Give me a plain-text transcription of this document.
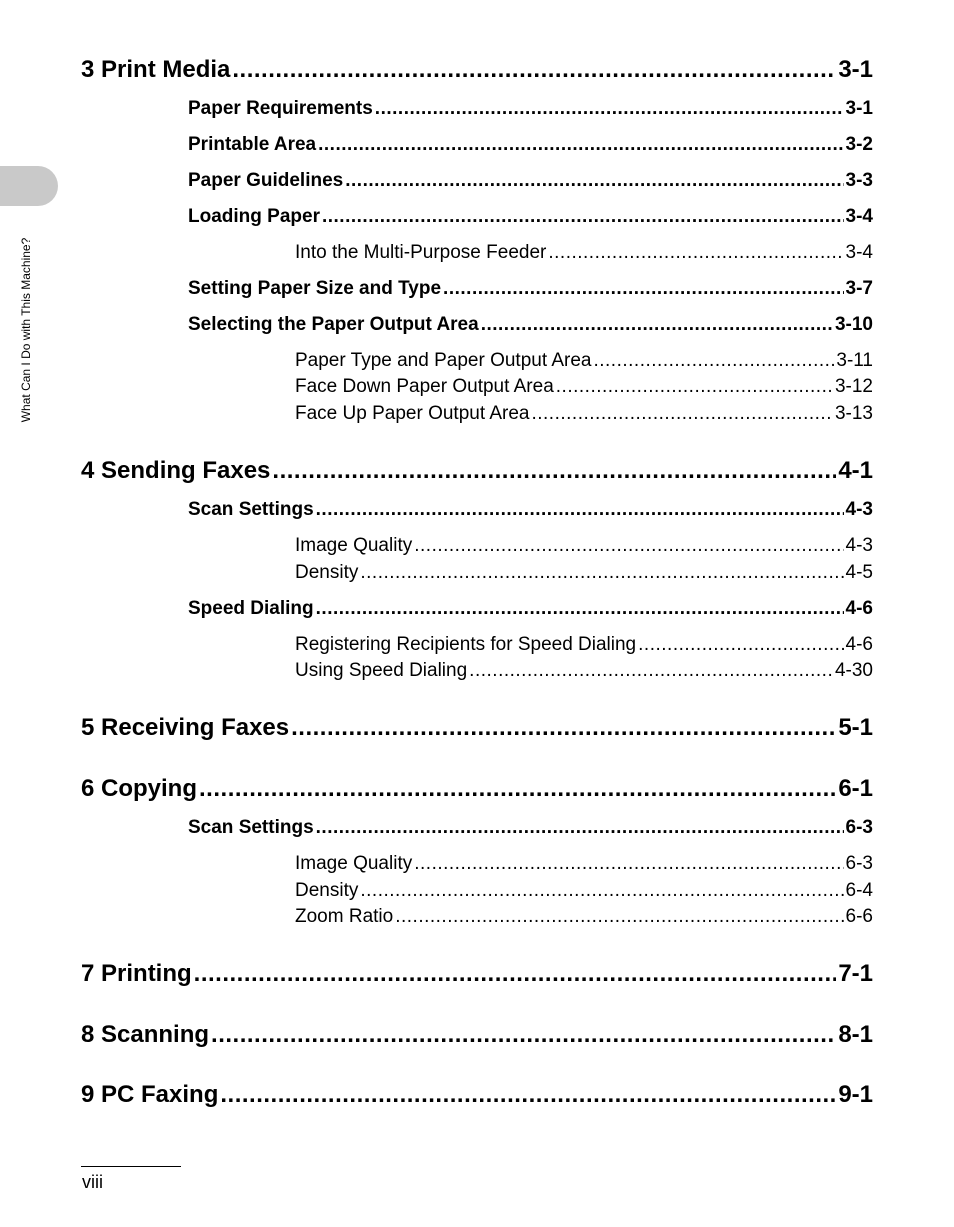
What Can I Do with This Machine?
3 Print Media .....	3-1
Paper Requirements .....	3-1
Printable Area .....	3-2
Paper Guidelines .....	3-3
Loading Paper .....	3-4
Into the Multi-Purpose Feeder .....	3-4
Setting Paper Size and Type .....	3-7
Selecting the Paper Output Area .....	3-10
Paper Type and Paper Output Area .....	3-11
Face Down Paper Output Area .....	3-12
Face Up Paper Output Area .....	3-13
4 Sending Faxes .....	4-1
Scan Settings .....	4-3
Image Quality .....	4-3
Density .....	4-5
Speed Dialing .....	4-6
Registering Recipients for Speed Dialing .....	4-6
Using Speed Dialing .....	4-30
5 Receiving Faxes .....	5-1
6 Copying .....	6-1
Scan Settings .....	6-3
Image Quality .....	6-3
Density .....	6-4
Zoom Ratio .....	6-6
7 Printing .....	7-1
8 Scanning .....	8-1
9 PC Faxing .....	9-1
viii
